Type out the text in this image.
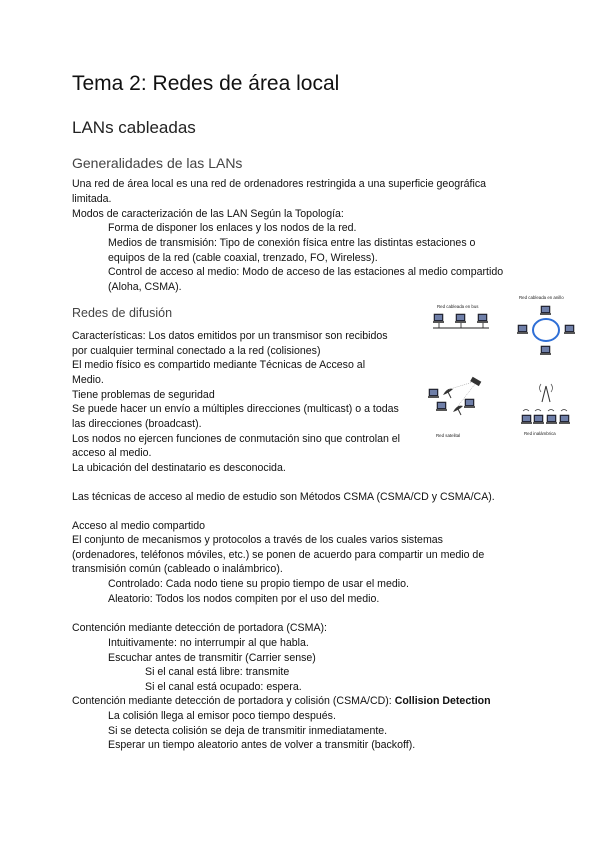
Tema 2: Redes de área local
LANs cableadas
Generalidades de las LANs
Una red de área local es una red de ordenadores restringida a una superficie geográfica
limitada.
Modos de caracterización de las LAN Según la Topología:
Forma de disponer los enlaces y los nodos de la red.
Medios de transmisión: Tipo de conexión física entre las distintas estaciones o
equipos de la red (cable coaxial, trenzado, FO, Wireless).
Control de acceso al medio: Modo de acceso de las estaciones al medio compartido
(Aloha, CSMA).
Redes de difusión
Características: Los datos emitidos por un transmisor son recibidos
por cualquier terminal conectado a la red (colisiones)
El medio físico es compartido mediante Técnicas de Acceso al
Medio.
Tiene problemas de seguridad
Se puede hacer un envío a múltiples direcciones (multicast) o a todas
las direcciones (broadcast).
Los nodos no ejercen funciones de conmutación sino que controlan el
acceso al medio.
La ubicación del destinatario es desconocida.
Red cableada en bus
Red cableada en anillo
Red satelital	Red inalámbrica
Las técnicas de acceso al medio de estudio son Métodos CSMA (CSMA/CD y CSMA/CA).
Acceso al medio compartido
El conjunto de mecanismos y protocolos a través de los cuales varios sistemas
(ordenadores, teléfonos móviles, etc.) se ponen de acuerdo para compartir un medio de
transmisión común (cableado o inalámbrico).
Controlado: Cada nodo tiene su propio tiempo de usar el medio.
Aleatorio: Todos los nodos compiten por el uso del medio.
Contención mediante detección de portadora (CSMA):
Intuitivamente: no interrumpir al que habla.
Escuchar antes de transmitir (Carrier sense)
Si el canal está libre: transmite
Si el canal está ocupado: espera.
Contención mediante detección de portadora y colisión (CSMA/CD): Collision Detection
La colisión llega al emisor poco tiempo después.
Si se detecta colisión se deja de transmitir inmediatamente.
Esperar un tiempo aleatorio antes de volver a transmitir (backoff).
